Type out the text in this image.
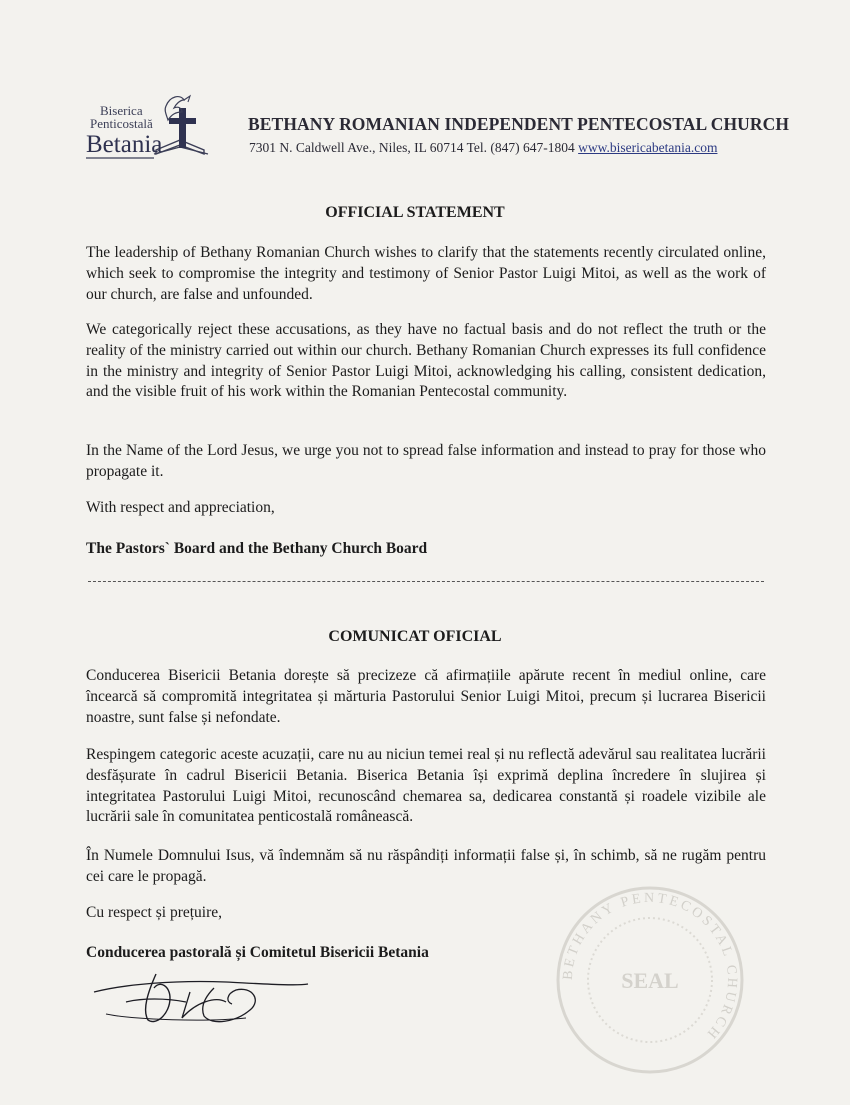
Biserica
Penticostală
Betania
BETHANY ROMANIAN INDEPENDENT PENTECOSTAL CHURCH
7301 N. Caldwell Ave., Niles, IL 60714 Tel. (847) 647-1804 www.bisericabetania.com
OFFICIAL STATEMENT

The leadership of Bethany Romanian Church wishes to clarify that the statements recently circulated online, which seek to compromise the integrity and testimony of Senior Pastor Luigi Mitoi, as well as the work of our church, are false and unfounded.

We categorically reject these accusations, as they have no factual basis and do not reflect the truth or the reality of the ministry carried out within our church. Bethany Romanian Church expresses its full confidence in the ministry and integrity of Senior Pastor Luigi Mitoi, acknowledging his calling, consistent dedication, and the visible fruit of his work within the Romanian Pentecostal community.

In the Name of the Lord Jesus, we urge you not to spread false information and instead to pray for those who propagate it.

With respect and appreciation,

The Pastors` Board and the Bethany Church Board
COMUNICAT OFICIAL

Conducerea Bisericii Betania dorește să precizeze că afirmațiile apărute recent în mediul online, care încearcă să compromită integritatea și mărturia Pastorului Senior Luigi Mitoi, precum și lucrarea Bisericii noastre, sunt false și nefondate.

Respingem categoric aceste acuzații, care nu au niciun temei real și nu reflectă adevărul sau realitatea lucrării desfășurate în cadrul Bisericii Betania. Biserica Betania își exprimă deplina încredere în slujirea și integritatea Pastorului Luigi Mitoi, recunoscând chemarea sa, dedicarea constantă și roadele vizibile ale lucrării sale în comunitatea penticostală românească.

În Numele Domnului Isus, vă îndemnăm să nu răspândiți informații false și, în schimb, să ne rugăm pentru cei care le propagă.

Cu respect și prețuire,

Conducerea pastorală și Comitetul Bisericii Betania
BETHANY PENTECOSTAL CHURCH
SEAL
